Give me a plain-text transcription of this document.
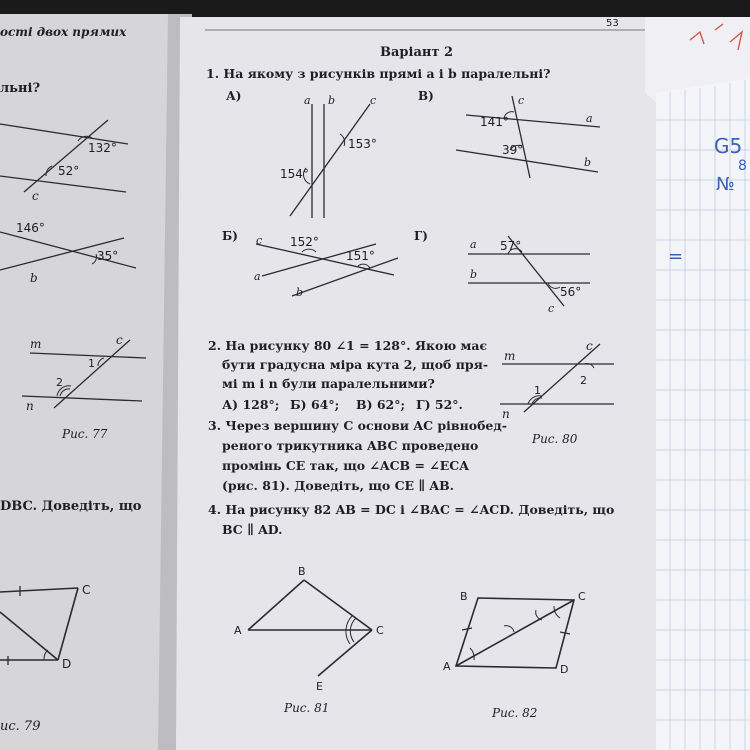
G5
8
№
=
ості двох прямих
льні?
132°
52°
c
146°
35°
b
m
n
c
1
2
Рис. 77
DBC. Доведіть, що
C
D
ис. 79
53
Варіант 2
1. На якому з рисунків прямі a і b паралельні?
А)	a b	c
153°
154°
В)	c
a
b
141°
39°
Б) c
a
b
152°
151°
Г)
a
b
c
57°
56°
2. На рисунку 80 ∠1 = 128°. Якою має
бути градусна міра кута 2, щоб пря-
мі m і n були паралельними?
А) 128°; Б) 64°; В) 62°; Г) 52°.
m
n
c
1
2
Рис. 80
3. Через вершину C основи AC рівнобед-
реного трикутника ABC проведено
промінь CE так, що ∠ACB = ∠ECA
(рис. 81). Доведіть, що CE ∥ AB.
4. На рисунку 82 AB = DC і ∠BAC = ∠ACD. Доведіть, що
BC ∥ AD.
B
A	C
E
Рис. 81
B	C
A	D
Рис. 82
